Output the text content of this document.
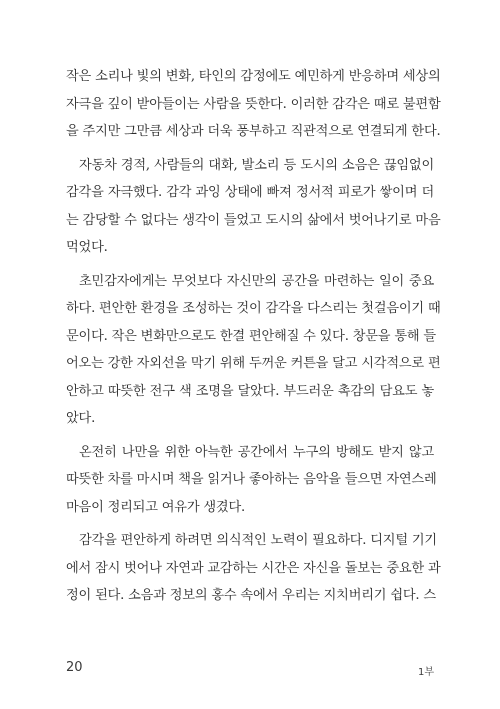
작은 소리나 빛의 변화, 타인의 감정에도 예민하게 반응하며 세상의
자극을 깊이 받아들이는 사람을 뜻한다. 이러한 감각은 때로 불편함
을 주지만 그만큼 세상과 더욱 풍부하고 직관적으로 연결되게 한다.
자동차 경적, 사람들의 대화, 발소리 등 도시의 소음은 끊임없이
감각을 자극했다. 감각 과잉 상태에 빠져 정서적 피로가 쌓이며 더
는 감당할 수 없다는 생각이 들었고 도시의 삶에서 벗어나기로 마음
먹었다.
초민감자에게는 무엇보다 자신만의 공간을 마련하는 일이 중요
하다. 편안한 환경을 조성하는 것이 감각을 다스리는 첫걸음이기 때
문이다. 작은 변화만으로도 한결 편안해질 수 있다. 창문을 통해 들
어오는 강한 자외선을 막기 위해 두꺼운 커튼을 달고 시각적으로 편
안하고 따뜻한 전구 색 조명을 달았다. 부드러운 촉감의 담요도 놓
았다.
온전히 나만을 위한 아늑한 공간에서 누구의 방해도 받지 않고
따뜻한 차를 마시며 책을 읽거나 좋아하는 음악을 들으면 자연스레
마음이 정리되고 여유가 생겼다.
감각을 편안하게 하려면 의식적인 노력이 필요하다. 디지털 기기
에서 잠시 벗어나 자연과 교감하는 시간은 자신을 돌보는 중요한 과
정이 된다. 소음과 정보의 홍수 속에서 우리는 지치버리기 쉽다. 스
20	1부
